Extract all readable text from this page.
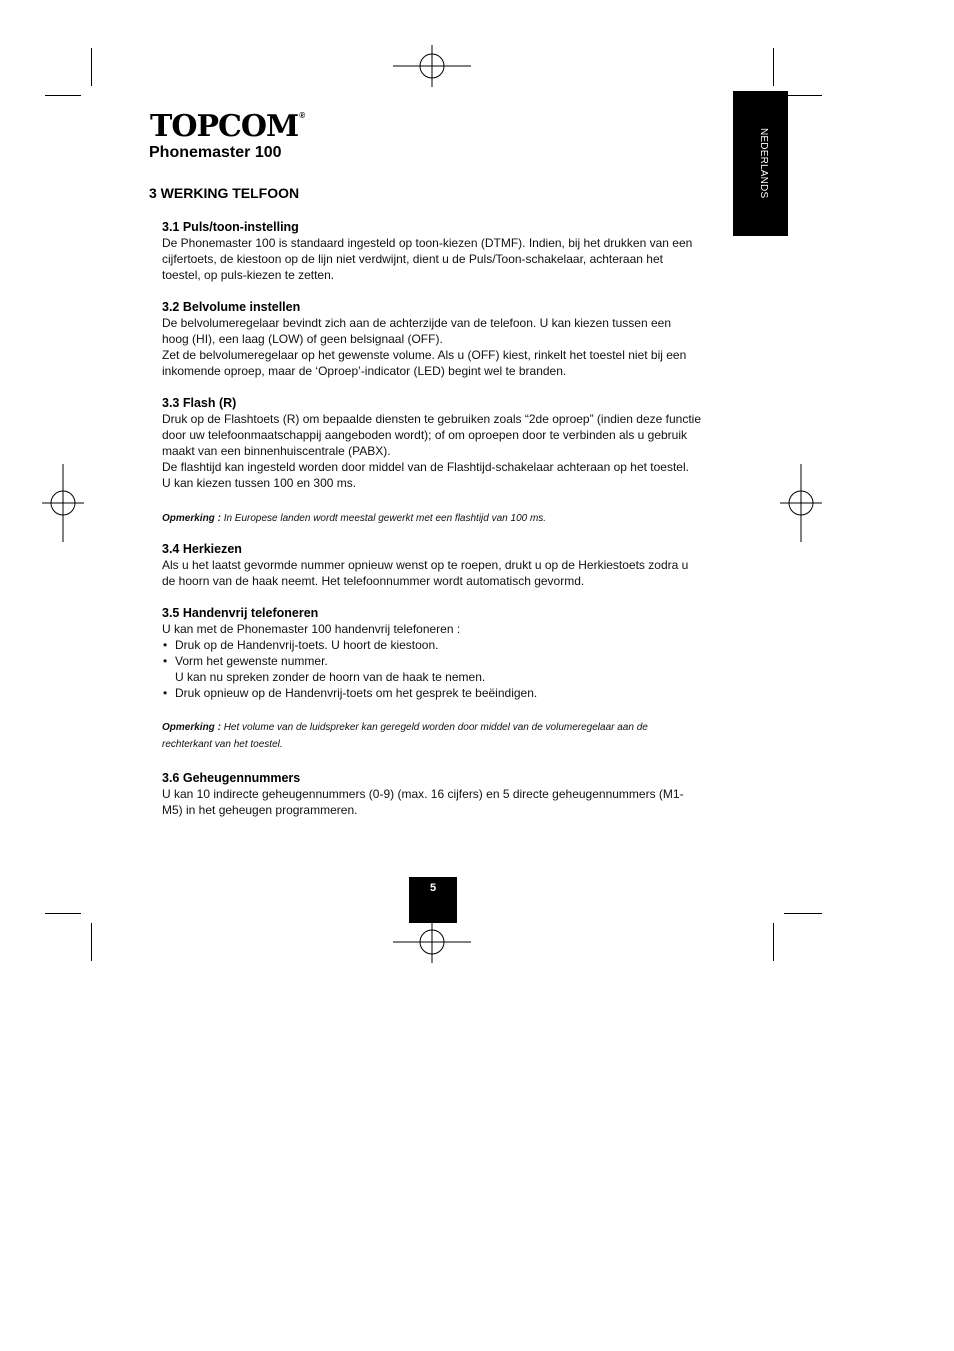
NEDERLANDS
TOPCOM®
Phonemaster 100
3 WERKING TELFOON
3.1 Puls/toon-instelling

De Phonemaster 100 is standaard ingesteld op toon-kiezen (DTMF). Indien, bij het drukken van een

cijfertoets, de kiestoon op de lijn niet verdwijnt, dient u de Puls/Toon-schakelaar, achteraan het

toestel, op puls-kiezen te zetten.

3.2 Belvolume instellen

De belvolumeregelaar bevindt zich aan de achterzijde van de telefoon. U kan kiezen tussen een

hoog (HI), een laag (LOW) of geen belsignaal (OFF).

Zet de belvolumeregelaar op het gewenste volume. Als u (OFF) kiest, rinkelt het toestel niet bij een

inkomende oproep, maar de ‘Oproep’-indicator (LED) begint wel te branden.

3.3 Flash (R)

Druk op de Flashtoets (R) om bepaalde diensten te gebruiken zoals “2de oproep” (indien deze functie

door uw telefoonmaatschappij aangeboden wordt); of om oproepen door te verbinden als u gebruik

maakt van een binnenhuiscentrale (PABX).

De flashtijd kan ingesteld worden door middel van de Flashtijd-schakelaar achteraan op het toestel.

U kan kiezen tussen 100 en 300 ms.

Opmerking : In Europese landen wordt meestal gewerkt met een flashtijd van 100 ms.
3.4 Herkiezen

Als u het laatst gevormde nummer opnieuw wenst op te roepen, drukt u op de Herkiestoets zodra u

de hoorn van de haak neemt. Het telefoonnummer wordt automatisch gevormd.

3.5 Handenvrij telefoneren

U kan met de Phonemaster 100 handenvrij telefoneren :

• Druk op de Handenvrij-toets. U hoort de kiestoon.
• Vorm het gewenste nummer.
U kan nu spreken zonder de hoorn van de haak te nemen.
• Druk opnieuw op de Handenvrij-toets om het gesprek te beëindigen.
Opmerking : Het volume van de luidspreker kan geregeld worden door middel van de volumeregelaar aan de
rechterkant van het toestel.
3.6 Geheugennummers

U kan 10 indirecte geheugennummers (0-9) (max. 16 cijfers) en 5 directe geheugennummers (M1-

M5) in het geheugen programmeren.

5
